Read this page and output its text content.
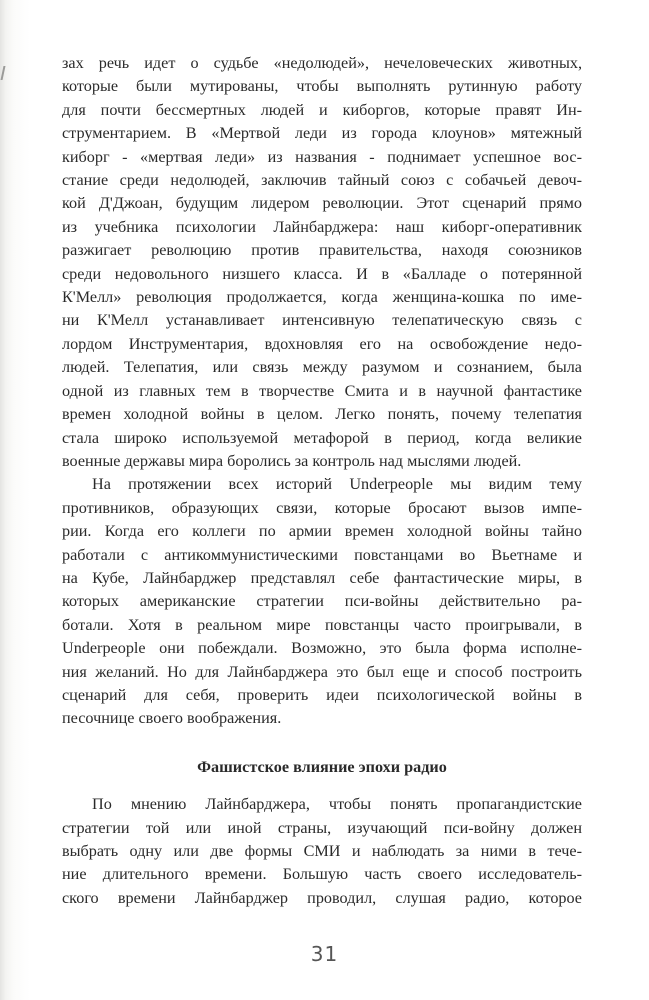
зах речь идет о судьбе «недолюдей», нечеловеческих животных,

которые были мутированы, чтобы выполнять рутинную работу

для почти бессмертных людей и киборгов, которые правят Ин-

струментарием. В «Мертвой леди из города клоунов» мятежный

киборг - «мертвая леди» из названия - поднимает успешное вос-

стание среди недолюдей, заключив тайный союз с собачьей девоч-

кой Д'Джоан, будущим лидером революции. Этот сценарий прямо

из учебника психологии Лайнбарджера: наш киборг-оперативник

разжигает революцию против правительства, находя союзников

среди недовольного низшего класса. И в «Балладе о потерянной

К'Мелл» революция продолжается, когда женщина-кошка по име-

ни К'Мелл устанавливает интенсивную телепатическую связь с

лордом Инструментария, вдохновляя его на освобождение недо-

людей. Телепатия, или связь между разумом и сознанием, была

одной из главных тем в творчестве Смита и в научной фантастике

времен холодной войны в целом. Легко понять, почему телепатия

стала широко используемой метафорой в период, когда великие

военные державы мира боролись за контроль над мыслями людей.

На протяжении всех историй Underpeople мы видим тему

противников, образующих связи, которые бросают вызов импе-

рии. Когда его коллеги по армии времен холодной войны тайно

работали с антикоммунистическими повстанцами во Вьетнаме и

на Кубе, Лайнбарджер представлял себе фантастические миры, в

которых американские стратегии пси-войны действительно ра-

ботали. Хотя в реальном мире повстанцы часто проигрывали, в

Underpeople они побеждали. Возможно, это была форма исполне-

ния желаний. Но для Лайнбарджера это был еще и способ построить

сценарий для себя, проверить идеи психологической войны в

песочнице своего воображения.

Фашистское влияние эпохи радио

По мнению Лайнбарджера, чтобы понять пропагандистские

стратегии той или иной страны, изучающий пси-войну должен

выбрать одну или две формы СМИ и наблюдать за ними в тече-

ние длительного времени. Большую часть своего исследователь-

ского времени Лайнбарджер проводил, слушая радио, которое

31
